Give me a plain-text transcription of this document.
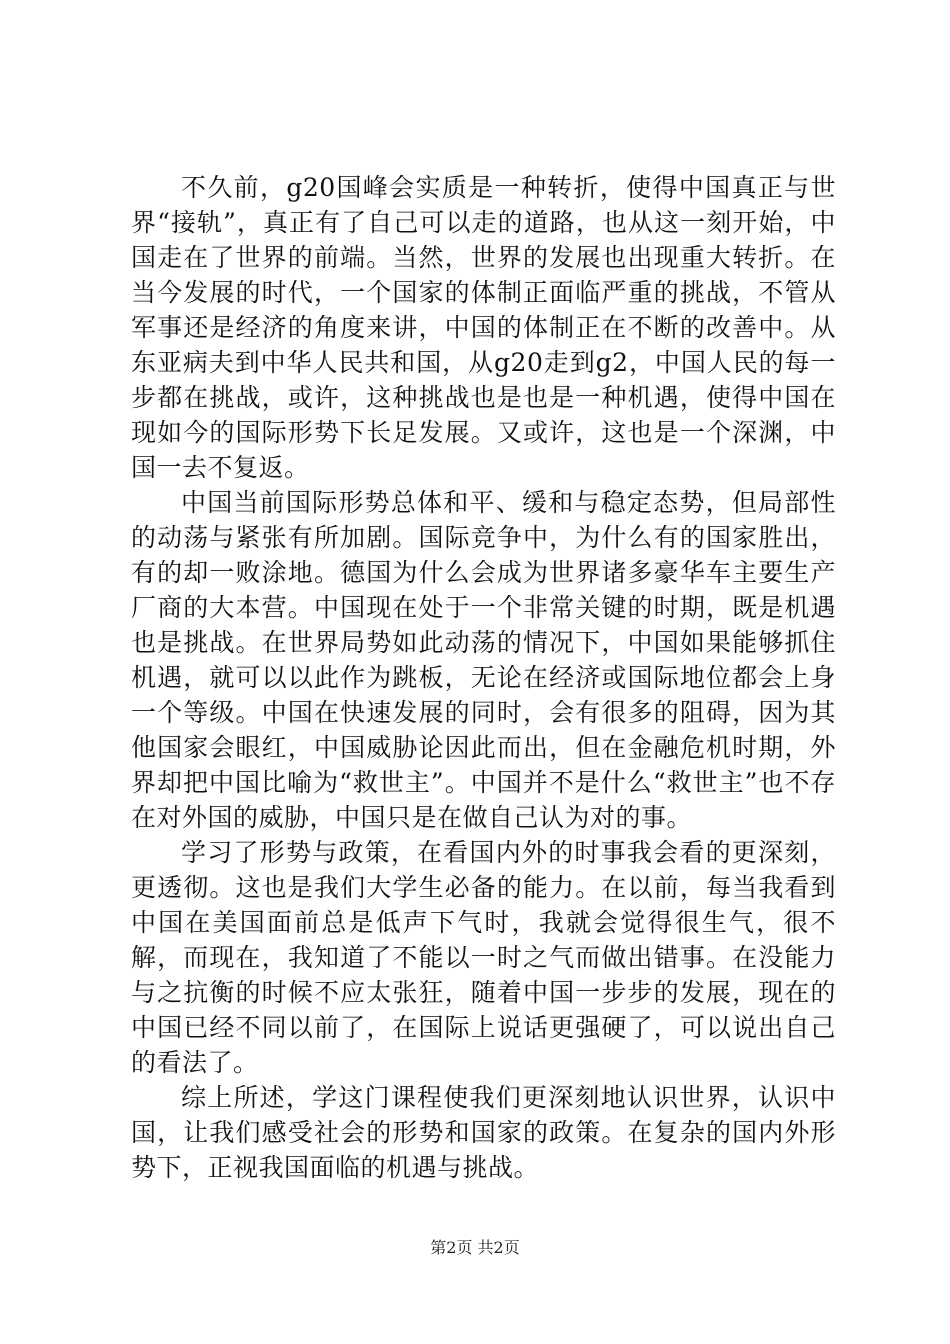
不久前，g20国峰会实质是一种转折，使得中国真正与世界“接轨”，真正有了自己可以走的道路，也从这一刻开始，中国走在了世界的前端。当然，世界的发展也出现重大转折。在当今发展的时代，一个国家的体制正面临严重的挑战，不管从军事还是经济的角度来讲，中国的体制正在不断的改善中。从东亚病夫到中华人民共和国，从g20走到g2，中国人民的每一步都在挑战，或许，这种挑战也是也是一种机遇，使得中国在现如今的国际形势下长足发展。又或许，这也是一个深渊，中国一去不复返。

中国当前国际形势总体和平、缓和与稳定态势，但局部性的动荡与紧张有所加剧。国际竞争中，为什么有的国家胜出，有的却一败涂地。德国为什么会成为世界诸多豪华车主要生产厂商的大本营。中国现在处于一个非常关键的时期，既是机遇也是挑战。在世界局势如此动荡的情况下，中国如果能够抓住机遇，就可以以此作为跳板，无论在经济或国际地位都会上身一个等级。中国在快速发展的同时，会有很多的阻碍，因为其他国家会眼红，中国威胁论因此而出，但在金融危机时期，外界却把中国比喻为“救世主”。中国并不是什么“救世主”也不存在对外国的威胁，中国只是在做自己认为对的事。

学习了形势与政策，在看国内外的时事我会看的更深刻，更透彻。这也是我们大学生必备的能力。在以前，每当我看到中国在美国面前总是低声下气时，我就会觉得很生气，很不解，而现在，我知道了不能以一时之气而做出错事。在没能力与之抗衡的时候不应太张狂，随着中国一步步的发展，现在的中国已经不同以前了，在国际上说话更强硬了，可以说出自己的看法了。

综上所述，学这门课程使我们更深刻地认识世界，认识中国，让我们感受社会的形势和国家的政策。在复杂的国内外形势下，正视我国面临的机遇与挑战。

第2页 共2页
